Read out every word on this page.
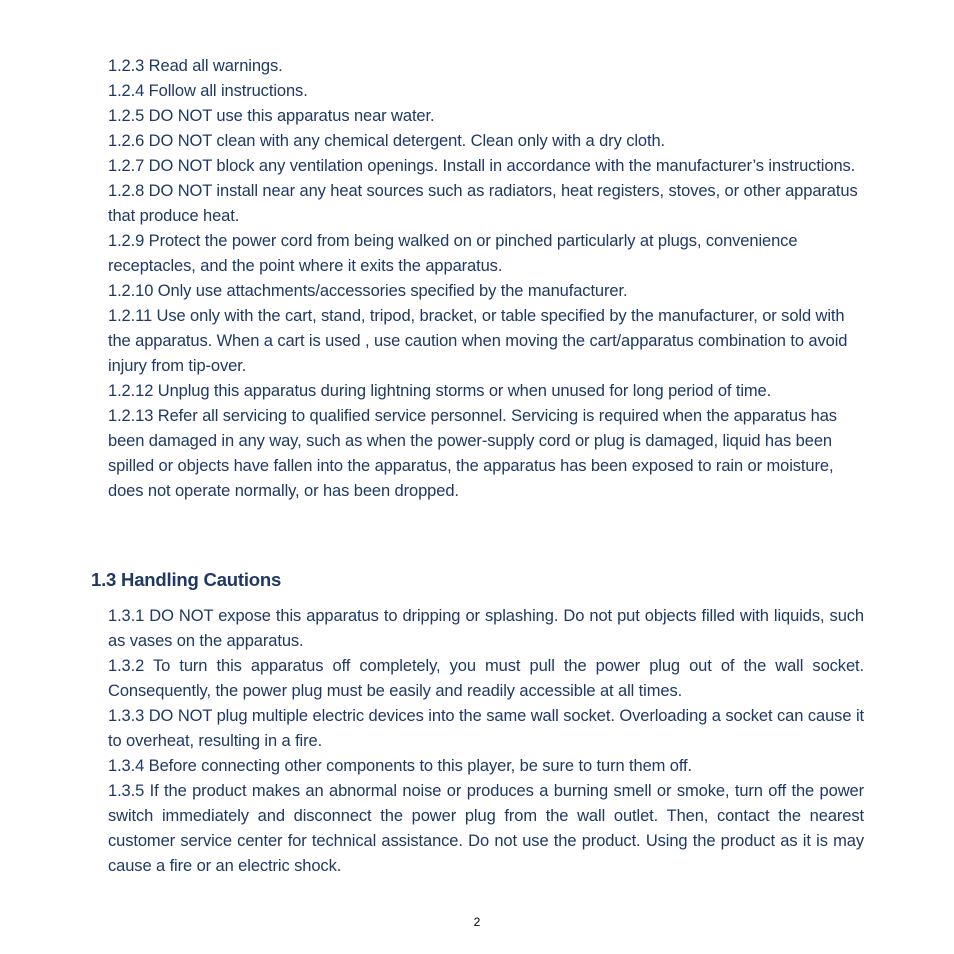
1.2.3 Read all warnings.

1.2.4 Follow all instructions.

1.2.5 DO NOT use this apparatus near water.

1.2.6 DO NOT clean with any chemical detergent. Clean only with a dry cloth.

1.2.7 DO NOT block any ventilation openings. Install in accordance with the manufacturer’s instructions.

1.2.8 DO NOT install near any heat sources such as radiators, heat registers, stoves, or other apparatus that produce heat.

1.2.9 Protect the power cord from being walked on or pinched particularly at plugs, convenience receptacles, and the point where it exits the apparatus.

1.2.10 Only use attachments/accessories specified by the manufacturer.

1.2.11 Use only with the cart, stand, tripod, bracket, or table specified by the manufacturer, or sold with the apparatus. When a cart is used , use caution when moving the cart/apparatus combination to avoid injury from tip-over.

1.2.12 Unplug this apparatus during lightning storms or when unused for long period of time.

1.2.13 Refer all servicing to qualified service personnel. Servicing is required when the apparatus has been damaged in any way, such as when the power-supply cord or plug is damaged, liquid has been spilled or objects have fallen into the apparatus, the apparatus has been exposed to rain or moisture, does not operate normally, or has been dropped.

1.3 Handling Cautions

1.3.1 DO NOT expose this apparatus to dripping or splashing. Do not put objects filled with liquids, such as vases on the apparatus.

1.3.2 To turn this apparatus off completely, you must pull the power plug out of the wall socket. Consequently, the power plug must be easily and readily accessible at all times.

1.3.3 DO NOT plug multiple electric devices into the same wall socket. Overloading a socket can cause it to overheat, resulting in a fire.

1.3.4 Before connecting other components to this player, be sure to turn them off.

1.3.5 If the product makes an abnormal noise or produces a burning smell or smoke, turn off the power switch immediately and disconnect the power plug from the wall outlet. Then, contact the nearest customer service center for technical assistance. Do not use the product. Using the product as it is may cause a fire or an electric shock.

2
